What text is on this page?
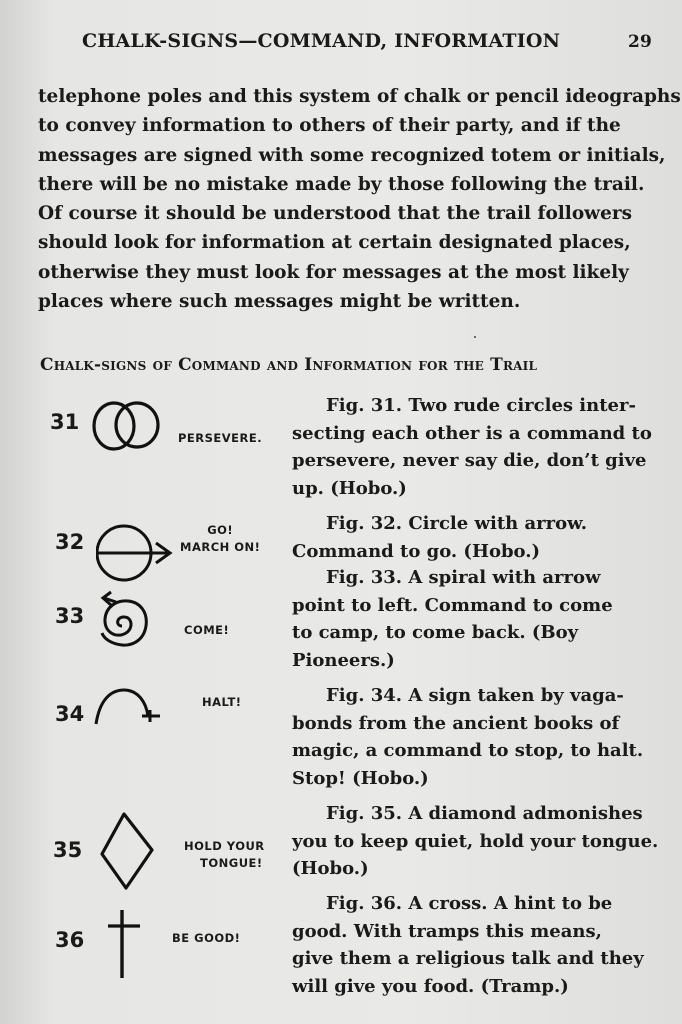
CHALK-SIGNS—COMMAND, INFORMATION	29
telephone poles and this system of chalk or pencil ideographs
to convey information to others of their party, and if the
messages are signed with some recognized totem or initials,
there will be no mistake made by those following the trail.
Of course it should be understood that the trail followers
should look for information at certain designated places,
otherwise they must look for messages at the most likely
places where such messages might be written.
Chalk-signs of Command and Information for the Trail
31
PERSEVERE.
Fig. 31. Two rude circles inter-
secting each other is a command to
persevere, never say die, don’t give
up. (Hobo.)
32	GO!
MARCH ON!
Fig. 32. Circle with arrow.
Command to go. (Hobo.)
33
COME!
Fig. 33. A spiral with arrow
point to left. Command to come
to camp, to come back. (Boy
Pioneers.)
34	HALT!	Fig. 34. A sign taken by vaga-
bonds from the ancient books of
magic, a command to stop, to halt.
Stop! (Hobo.)
35	HOLD YOUR
TONGUE!
Fig. 35. A diamond admonishes
you to keep quiet, hold your tongue.
(Hobo.)
36	BE GOOD!
Fig. 36. A cross. A hint to be
good. With tramps this means,
give them a religious talk and they
will give you food. (Tramp.)
